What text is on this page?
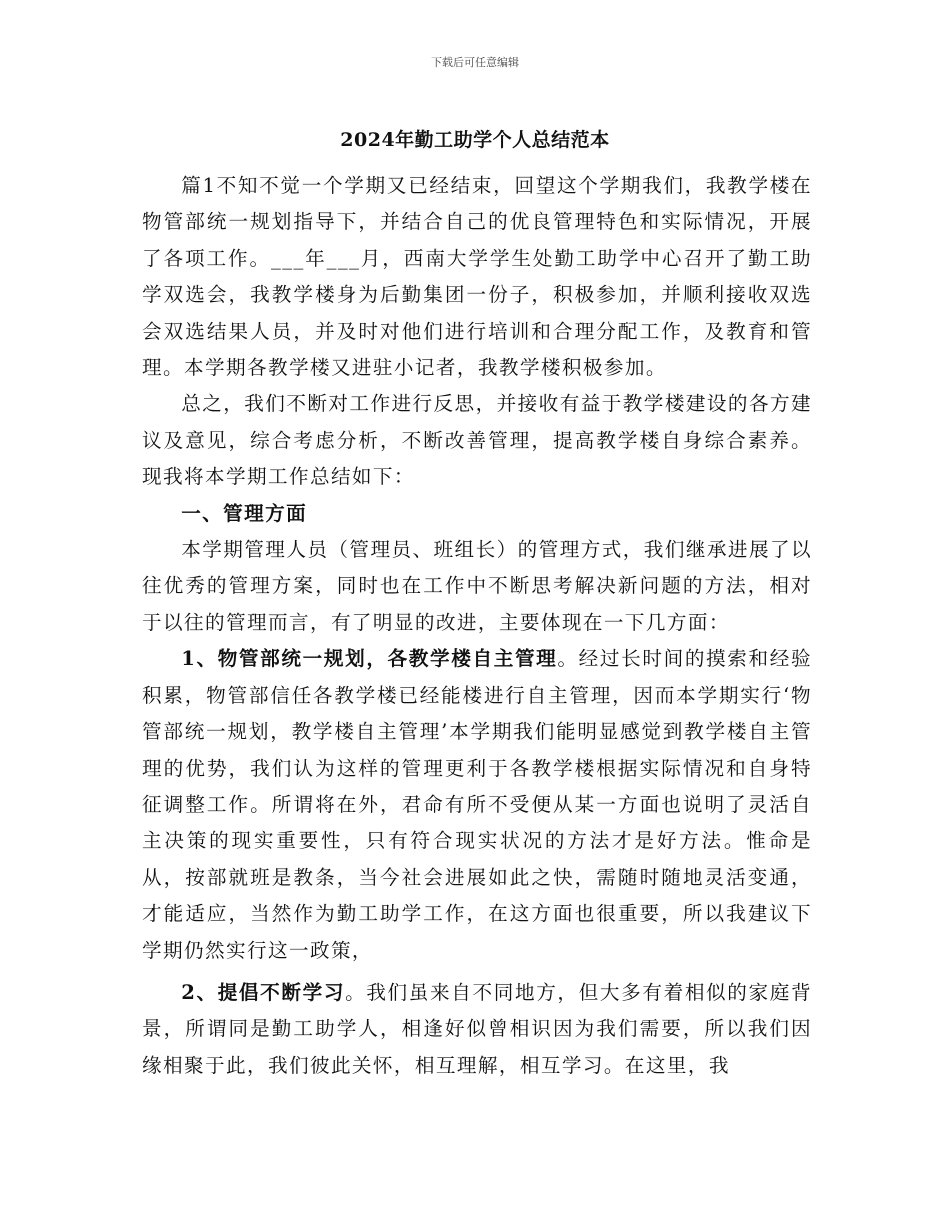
下载后可任意编辑
2024年勤工助学个人总结范本

篇1不知不觉一个学期又已经结束，回望这个学期我们，我教学楼在物管部统一规划指导下，并结合自己的优良管理特色和实际情况，开展了各项工作。___年___月，西南大学学生处勤工助学中心召开了勤工助学双选会，我教学楼身为后勤集团一份子，积极参加，并顺利接收双选会双选结果人员，并及时对他们进行培训和合理分配工作，及教育和管理。本学期各教学楼又进驻小记者，我教学楼积极参加。

总之，我们不断对工作进行反思，并接收有益于教学楼建设的各方建议及意见，综合考虑分析，不断改善管理，提高教学楼自身综合素养。现我将本学期工作总结如下：

一、管理方面

本学期管理人员（管理员、班组长）的管理方式，我们继承进展了以往优秀的管理方案，同时也在工作中不断思考解决新问题的方法，相对于以往的管理而言，有了明显的改进，主要体现在一下几方面：

1、物管部统一规划，各教学楼自主管理。经过长时间的摸索和经验积累，物管部信任各教学楼已经能楼进行自主管理，因而本学期实行‘物管部统一规划，教学楼自主管理’本学期我们能明显感觉到教学楼自主管理的优势，我们认为这样的管理更利于各教学楼根据实际情况和自身特征调整工作。所谓将在外，君命有所不受便从某一方面也说明了灵活自主决策的现实重要性，只有符合现实状况的方法才是好方法。惟命是从，按部就班是教条，当今社会进展如此之快，需随时随地灵活变通，才能适应，当然作为勤工助学工作，在这方面也很重要，所以我建议下学期仍然实行这一政策，

2、提倡不断学习。我们虽来自不同地方，但大多有着相似的家庭背景，所谓同是勤工助学人，相逢好似曾相识因为我们需要，所以我们因缘相聚于此，我们彼此关怀，相互理解，相互学习。在这里，我
